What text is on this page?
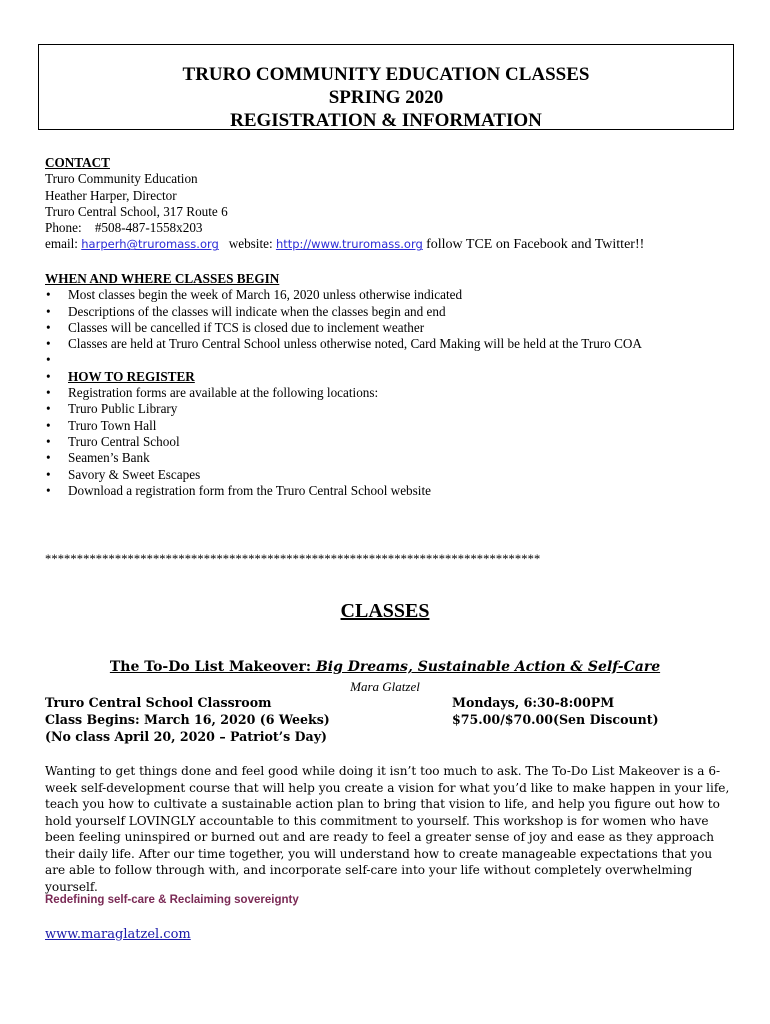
TRURO COMMUNITY EDUCATION CLASSES
SPRING 2020
REGISTRATION & INFORMATION
CONTACT
Truro Community Education
Heather Harper, Director
Truro Central School, 317 Route 6
Phone:    #508-487-1558x203
email: harperh@truromass.org website: http://www.truromass.org follow TCE on Facebook and Twitter!!
WHEN AND WHERE CLASSES BEGIN
• Most classes begin the week of March 16, 2020 unless otherwise indicated
• Descriptions of the classes will indicate when the classes begin and end
• Classes will be cancelled if TCS is closed due to inclement weather
• Classes are held at Truro Central School unless otherwise noted, Card Making will be held at the Truro COA
•
• HOW TO REGISTER
• Registration forms are available at the following locations:
• Truro Public Library
• Truro Town Hall
• Truro Central School
• Seamen’s Bank
• Savory & Sweet Escapes
• Download a registration form from the Truro Central School website
******************************************************************************
CLASSES
The To-Do List Makeover: Big Dreams, Sustainable Action & Self-Care
Mara Glatzel
Truro Central School Classroom
Class Begins: March 16, 2020 (6 Weeks)
(No class April 20, 2020 – Patriot’s Day)
Mondays, 6:30-8:00PM
$75.00/$70.00(Sen Discount)
Wanting to get things done and feel good while doing it isn’t too much to ask. The To-Do List Makeover is a 6-week self-development course that will help you create a vision for what you’d like to make happen in your life, teach you how to cultivate a sustainable action plan to bring that vision to life, and help you figure out how to hold yourself LOVINGLY accountable to this commitment to yourself. This workshop is for women who have been feeling uninspired or burned out and are ready to feel a greater sense of joy and ease as they approach their daily life. After our time together, you will understand how to create manageable expectations that you are able to follow through with, and incorporate self-care into your life without completely overwhelming yourself.
Redefining self-care & Reclaiming sovereignty
www.maraglatzel.com
